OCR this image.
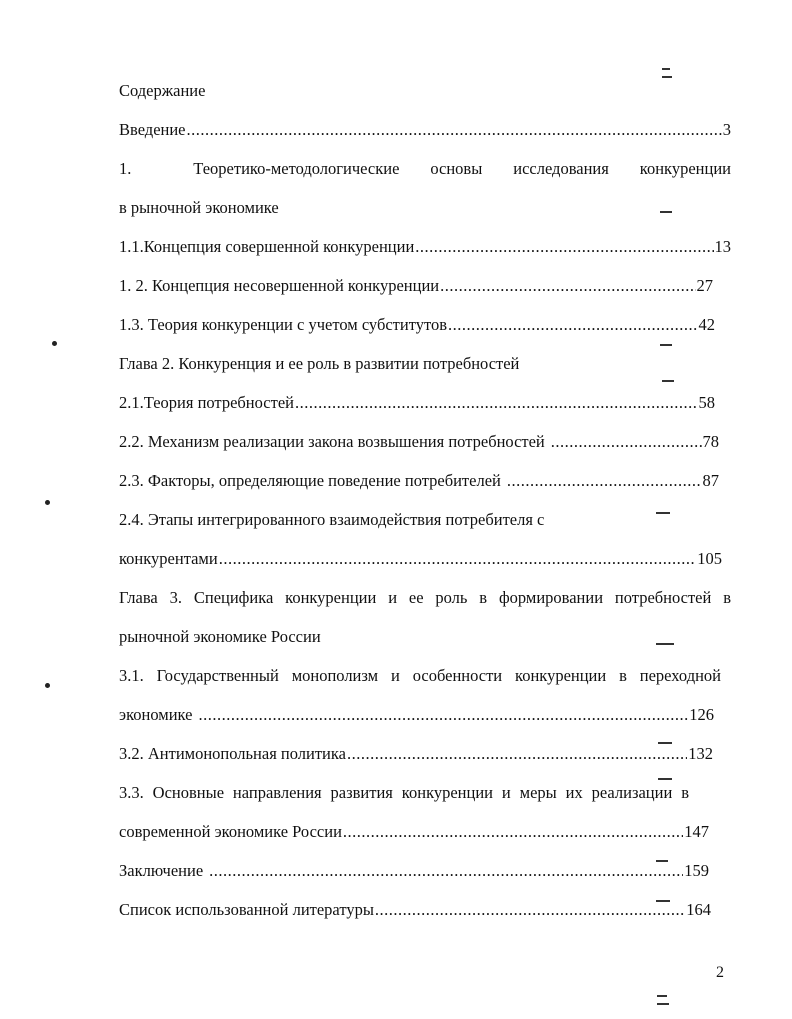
Содержание
Введение .....	3
1.  Теоретико-методологические основы исследования конкуренции
в рыночной экономике
1.1.Концепция совершенной конкуренции .....	13
1. 2. Концепция несовершенной конкуренции .....	27
1.3. Теория конкуренции с учетом субститутов .....	42
Глава 2. Конкуренция и ее роль в развитии потребностей
2.1.Теория потребностей .....	58
2.2. Механизм реализации закона возвышения потребностей .....	78
2.3. Факторы, определяющие поведение потребителей .....	87
2.4. Этапы интегрированного взаимодействия потребителя с
конкурентами .....	105
Глава 3. Специфика конкуренции и ее роль в формировании потребностей в
рыночной экономике России
3.1. Государственный монополизм и особенности конкуренции в переходной
экономике .....	126
3.2. Антимонопольная политика .....	132
3.3. Основные направления развития конкуренции и меры их реализации в
современной экономике России .....	147
Заключение .....	159
Список использованной литературы .....	164
2
